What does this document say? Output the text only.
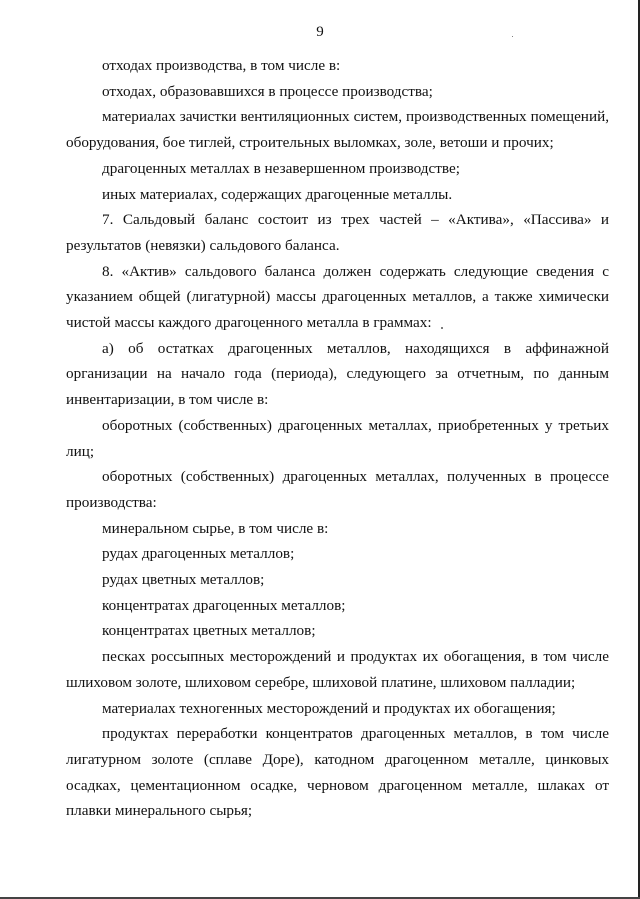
9

отходах производства, в том числе в:

отходах, образовавшихся в процессе производства;

материалах зачистки вентиляционных систем, производственных помещений, оборудования, бое тиглей, строительных выломках, золе, ветоши и прочих;

драгоценных металлах в незавершенном производстве;

иных материалах, содержащих драгоценные металлы.

7. Сальдовый баланс состоит из трех частей – «Актива», «Пассива» и результатов (невязки) сальдового баланса.

8. «Актив» сальдового баланса должен содержать следующие сведения с указанием общей (лигатурной) массы драгоценных металлов, а также химически чистой массы каждого драгоценного металла в граммах:

а) об остатках драгоценных металлов, находящихся в аффинажной организации на начало года (периода), следующего за отчетным, по данным инвентаризации, в том числе в:

оборотных (собственных) драгоценных металлах, приобретенных у третьих лиц;

оборотных (собственных) драгоценных металлах, полученных в процессе производства:

минеральном сырье, в том числе в:

рудах драгоценных металлов;

рудах цветных металлов;

концентратах драгоценных металлов;

концентратах цветных металлов;

песках россыпных месторождений и продуктах их обогащения, в том числе шлиховом золоте, шлиховом серебре, шлиховой платине, шлиховом палладии;

материалах техногенных месторождений и продуктах их обогащения;

продуктах переработки концентратов драгоценных металлов, в том числе лигатурном золоте (сплаве Доре), катодном драгоценном металле, цинковых осадках, цементационном осадке, черновом драгоценном металле, шлаках от плавки минерального сырья;
